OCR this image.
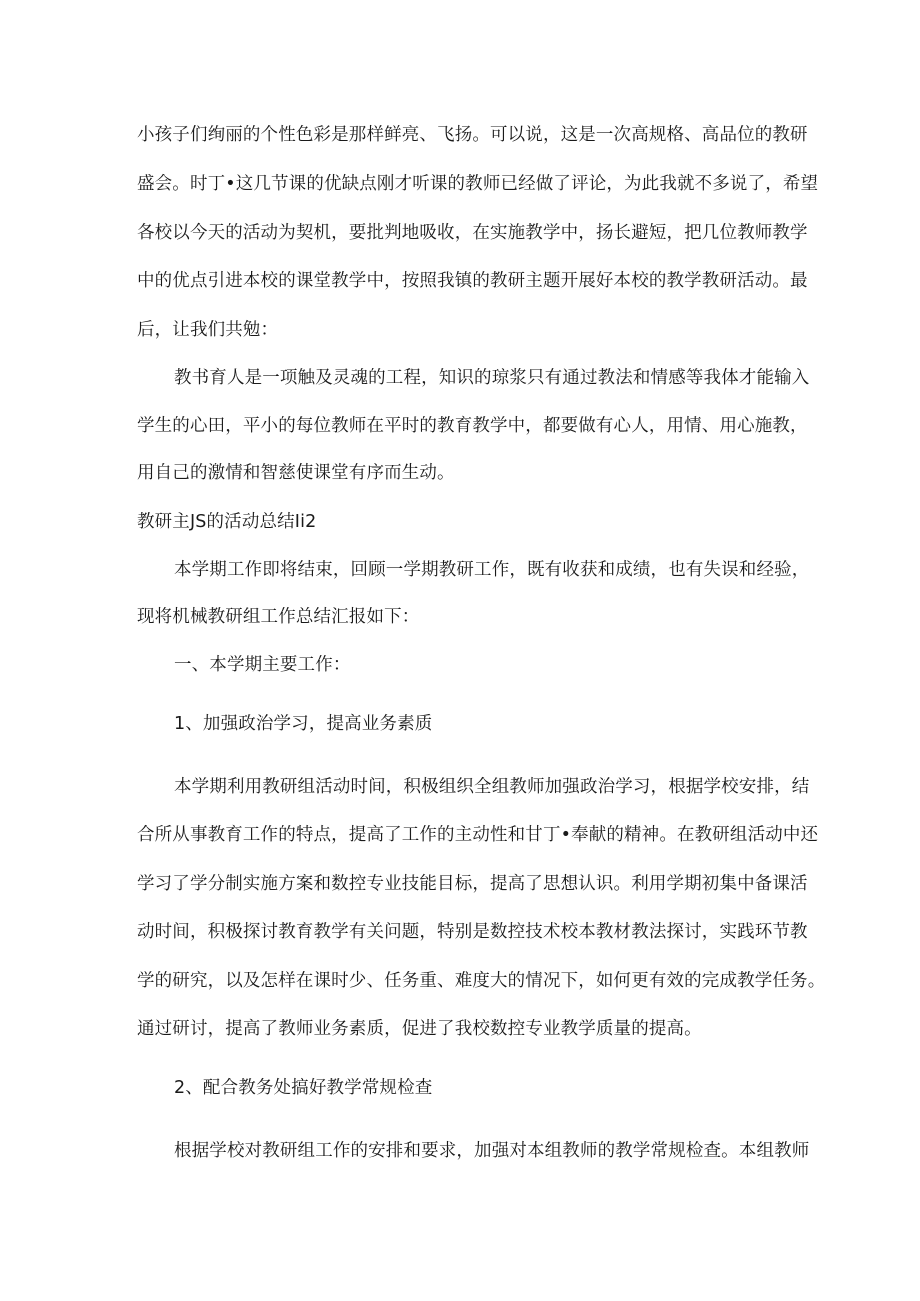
小孩子们绚丽的个性色彩是那样鲜亮、飞扬。可以说，这是一次高规格、高品位的教研
盛会。时丁•这几节课的优缺点刚才听课的教师已经做了评论，为此我就不多说了，希望
各校以今天的活动为契机，要批判地吸收，在实施教学中，扬长避短，把几位教师教学
中的优点引进本校的课堂教学中，按照我镇的教研主题开展好本校的教学教研活动。最
后，让我们共勉：
教书育人是一项触及灵魂的工程，知识的琼浆只有通过教法和情感等我体才能输入
学生的心田，平小的每位教师在平时的教育教学中，都要做有心人，用情、用心施教，
用自己的激情和智慈使课堂有序而生动。
教研主JS的活动总结Ii2
本学期工作即将结束，回顾一学期教研工作，既有收获和成绩，也有失误和经验，
现将机械教研组工作总结汇报如下：
一、本学期主要工作：
1、加强政治学习，提高业务素质
本学期利用教研组活动时间，积极组织全组教师加强政治学习，根据学校安排，结
合所从事教育工作的特点，提高了工作的主动性和甘丁•奉献的精神。在教研组活动中还
学习了学分制实施方案和数控专业技能目标，提高了思想认识。利用学期初集中备课活
动时间，积极探讨教育教学有关问题，特别是数控技术校本教材教法探讨，实践环节教
学的研究，以及怎样在课时少、任务重、难度大的情况下，如何更有效的完成教学任务。
通过研讨，提高了教师业务素质，促进了我校数控专业教学质量的提高。
2、配合教务处搞好教学常规检查
根据学校对教研组工作的安排和要求，加强对本组教师的教学常规检查。本组教师
